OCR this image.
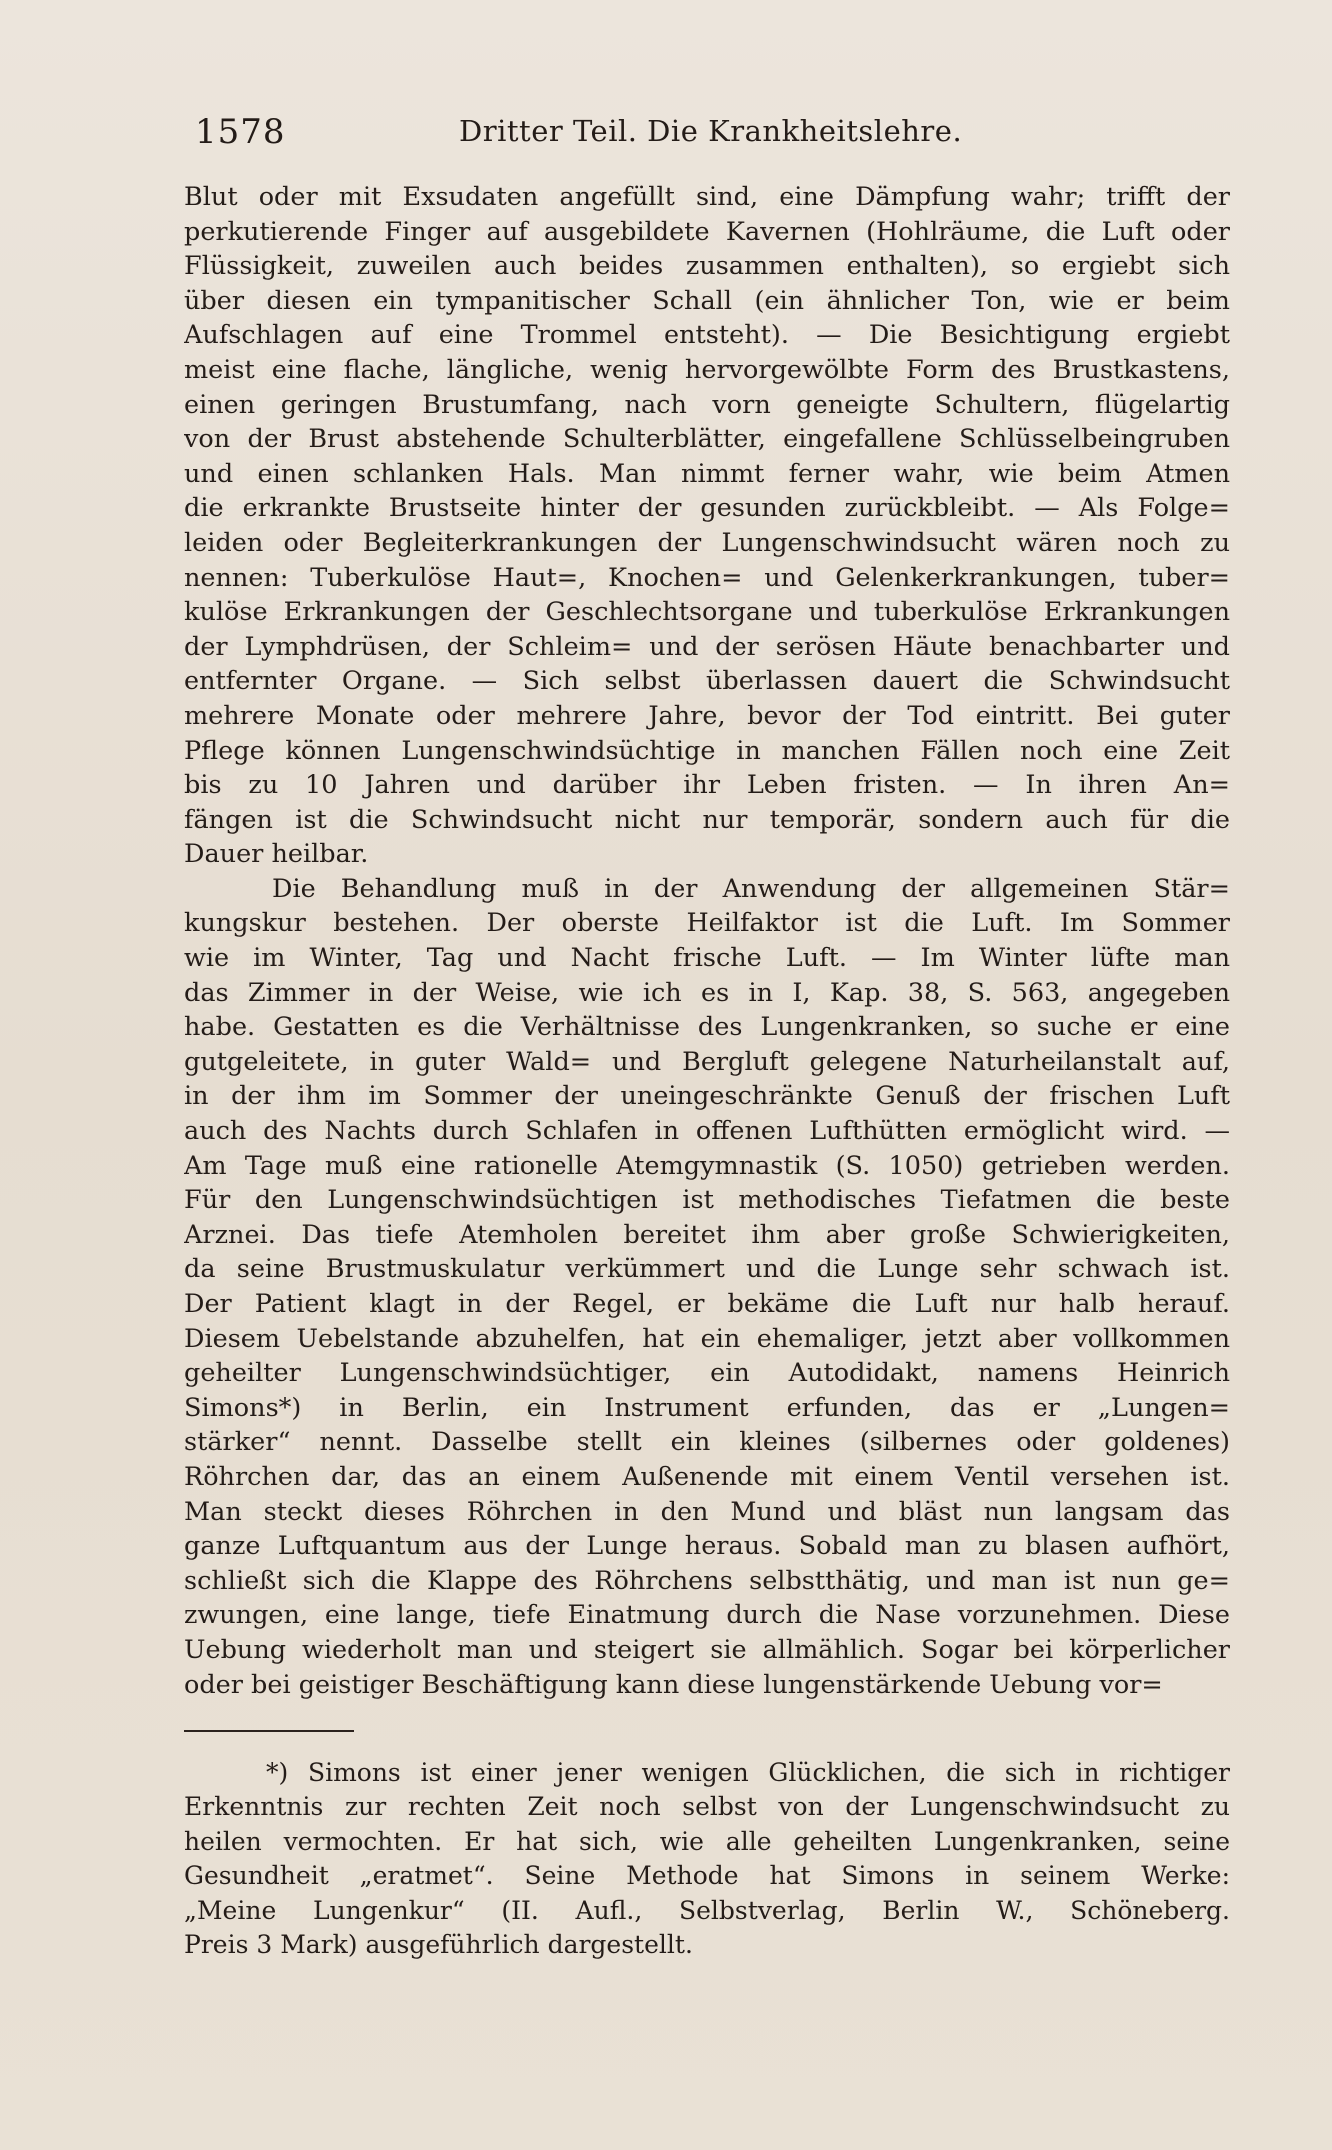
1578	Dritter Teil. Die Krankheitslehre.
Blut oder mit Exsudaten angefüllt sind, eine Dämpfung wahr; trifft der
perkutierende Finger auf ausgebildete Kavernen (Hohlräume, die Luft oder
Flüssigkeit, zuweilen auch beides zusammen enthalten), so ergiebt sich
über diesen ein tympanitischer Schall (ein ähnlicher Ton, wie er beim
Aufschlagen auf eine Trommel entsteht). — Die Besichtigung ergiebt
meist eine flache, längliche, wenig hervorgewölbte Form des Brustkastens,
einen geringen Brustumfang, nach vorn geneigte Schultern, flügelartig
von der Brust abstehende Schulterblätter, eingefallene Schlüsselbeingruben
und einen schlanken Hals. Man nimmt ferner wahr, wie beim Atmen
die erkrankte Brustseite hinter der gesunden zurückbleibt. — Als Folge=
leiden oder Begleiterkrankungen der Lungenschwindsucht wären noch zu
nennen: Tuberkulöse Haut=, Knochen= und Gelenkerkrankungen, tuber=
kulöse Erkrankungen der Geschlechtsorgane und tuberkulöse Erkrankungen
der Lymphdrüsen, der Schleim= und der serösen Häute benachbarter und
entfernter Organe. — Sich selbst überlassen dauert die Schwindsucht
mehrere Monate oder mehrere Jahre, bevor der Tod eintritt. Bei guter
Pflege können Lungenschwindsüchtige in manchen Fällen noch eine Zeit
bis zu 10 Jahren und darüber ihr Leben fristen. — In ihren An=
fängen ist die Schwindsucht nicht nur temporär, sondern auch für die
Dauer heilbar.
Die Behandlung muß in der Anwendung der allgemeinen Stär=
kungskur bestehen. Der oberste Heilfaktor ist die Luft. Im Sommer
wie im Winter, Tag und Nacht frische Luft. — Im Winter lüfte man
das Zimmer in der Weise, wie ich es in I, Kap. 38, S. 563, angegeben
habe. Gestatten es die Verhältnisse des Lungenkranken, so suche er eine
gutgeleitete, in guter Wald= und Bergluft gelegene Naturheilanstalt auf,
in der ihm im Sommer der uneingeschränkte Genuß der frischen Luft
auch des Nachts durch Schlafen in offenen Lufthütten ermöglicht wird. —
Am Tage muß eine rationelle Atemgymnastik (S. 1050) getrieben werden.
Für den Lungenschwindsüchtigen ist methodisches Tiefatmen die beste
Arznei. Das tiefe Atemholen bereitet ihm aber große Schwierigkeiten,
da seine Brustmuskulatur verkümmert und die Lunge sehr schwach ist.
Der Patient klagt in der Regel, er bekäme die Luft nur halb herauf.
Diesem Uebelstande abzuhelfen, hat ein ehemaliger, jetzt aber vollkommen
geheilter Lungenschwindsüchtiger, ein Autodidakt, namens Heinrich
Simons*) in Berlin, ein Instrument erfunden, das er „Lungen=
stärker“ nennt. Dasselbe stellt ein kleines (silbernes oder goldenes)
Röhrchen dar, das an einem Außenende mit einem Ventil versehen ist.
Man steckt dieses Röhrchen in den Mund und bläst nun langsam das
ganze Luftquantum aus der Lunge heraus. Sobald man zu blasen aufhört,
schließt sich die Klappe des Röhrchens selbstthätig, und man ist nun ge=
zwungen, eine lange, tiefe Einatmung durch die Nase vorzunehmen. Diese
Uebung wiederholt man und steigert sie allmählich. Sogar bei körperlicher
oder bei geistiger Beschäftigung kann diese lungenstärkende Uebung vor=
*) Simons ist einer jener wenigen Glücklichen, die sich in richtiger
Erkenntnis zur rechten Zeit noch selbst von der Lungenschwindsucht zu
heilen vermochten. Er hat sich, wie alle geheilten Lungenkranken, seine
Gesundheit „eratmet“. Seine Methode hat Simons in seinem Werke:
„Meine Lungenkur“ (II. Aufl., Selbstverlag, Berlin W., Schöneberg.
Preis 3 Mark) ausgeführlich dargestellt.
